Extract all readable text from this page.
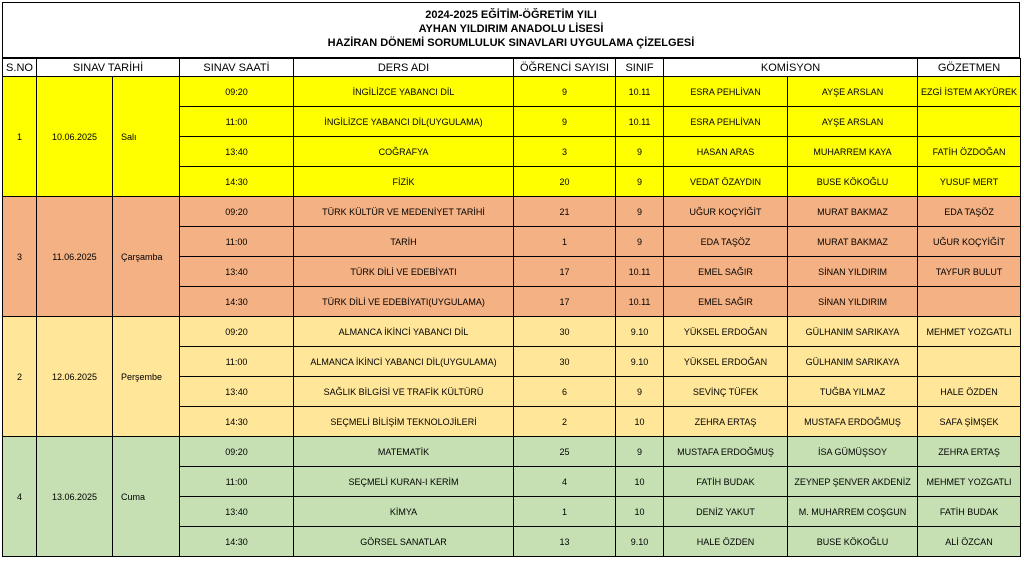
2024-2025 EĞİTİM-ÖĞRETİM YILI
AYHAN YILDIRIM ANADOLU LİSESİ
HAZİRAN DÖNEMİ SORUMLULUK SINAVLARI UYGULAMA ÇİZELGESİ
S.NO	SINAV TARİHİ		SINAV SAATİ	DERS ADI	ÖĞRENCİ SAYISI	SINIF	KOMİSYON		GÖZETMEN
1	10.06.2025	Salı	09:20	İNGİLİZCE YABANCI DİL	9	10.11	ESRA PEHLİVAN	AYŞE ARSLAN	EZGİ İSTEM AKYÜREK
			11:00	İNGİLİZCE YABANCI DİL(UYGULAMA)	9	10.11	ESRA PEHLİVAN	AYŞE ARSLAN	
			13:40	COĞRAFYA	3	9	HASAN ARAS	MUHARREM KAYA	FATİH ÖZDOĞAN
			14:30	FİZİK	20	9	VEDAT ÖZAYDIN	BUSE KÖKOĞLU	YUSUF MERT
3	11.06.2025	Çarşamba	09:20	TÜRK KÜLTÜR VE MEDENİYET TARİHİ	21	9	UĞUR KOÇYİĞİT	MURAT BAKMAZ	EDA TAŞÖZ
			11:00	TARİH	1	9	EDA TAŞÖZ	MURAT BAKMAZ	UĞUR KOÇYİĞİT
			13:40	TÜRK DİLİ VE EDEBİYATI	17	10.11	EMEL SAĞIR	SİNAN YILDIRIM	TAYFUR BULUT
			14:30	TÜRK DİLİ VE EDEBİYATI(UYGULAMA)	17	10.11	EMEL SAĞIR	SİNAN YILDIRIM	
2	12.06.2025	Perşembe	09:20	ALMANCA İKİNCİ YABANCI DİL	30	9.10	YÜKSEL ERDOĞAN	GÜLHANIM SARIKAYA	MEHMET YOZGATLI
			11:00	ALMANCA İKİNCİ YABANCI DİL(UYGULAMA)	30	9.10	YÜKSEL ERDOĞAN	GÜLHANIM SARIKAYA	
			13:40	SAĞLIK BİLGİSİ VE TRAFİK KÜLTÜRÜ	6	9	SEVİNÇ TÜFEK	TUĞBA YILMAZ	HALE ÖZDEN
			14:30	SEÇMELİ BİLİŞİM TEKNOLOJİLERİ	2	10	ZEHRA ERTAŞ	MUSTAFA ERDOĞMUŞ	SAFA ŞİMŞEK
4	13.06.2025	Cuma	09:20	MATEMATİK	25	9	MUSTAFA ERDOĞMUŞ	İSA GÜMÜŞSOY	ZEHRA ERTAŞ
			11:00	SEÇMELİ KURAN-I KERİM	4	10	FATİH BUDAK	ZEYNEP ŞENVER AKDENİZ	MEHMET YOZGATLI
			13:40	KİMYA	1	10	DENİZ YAKUT	M. MUHARREM COŞGUN	FATİH BUDAK
			14:30	GÖRSEL SANATLAR	13	9.10	HALE ÖZDEN	BUSE KÖKOĞLU	ALİ ÖZCAN
